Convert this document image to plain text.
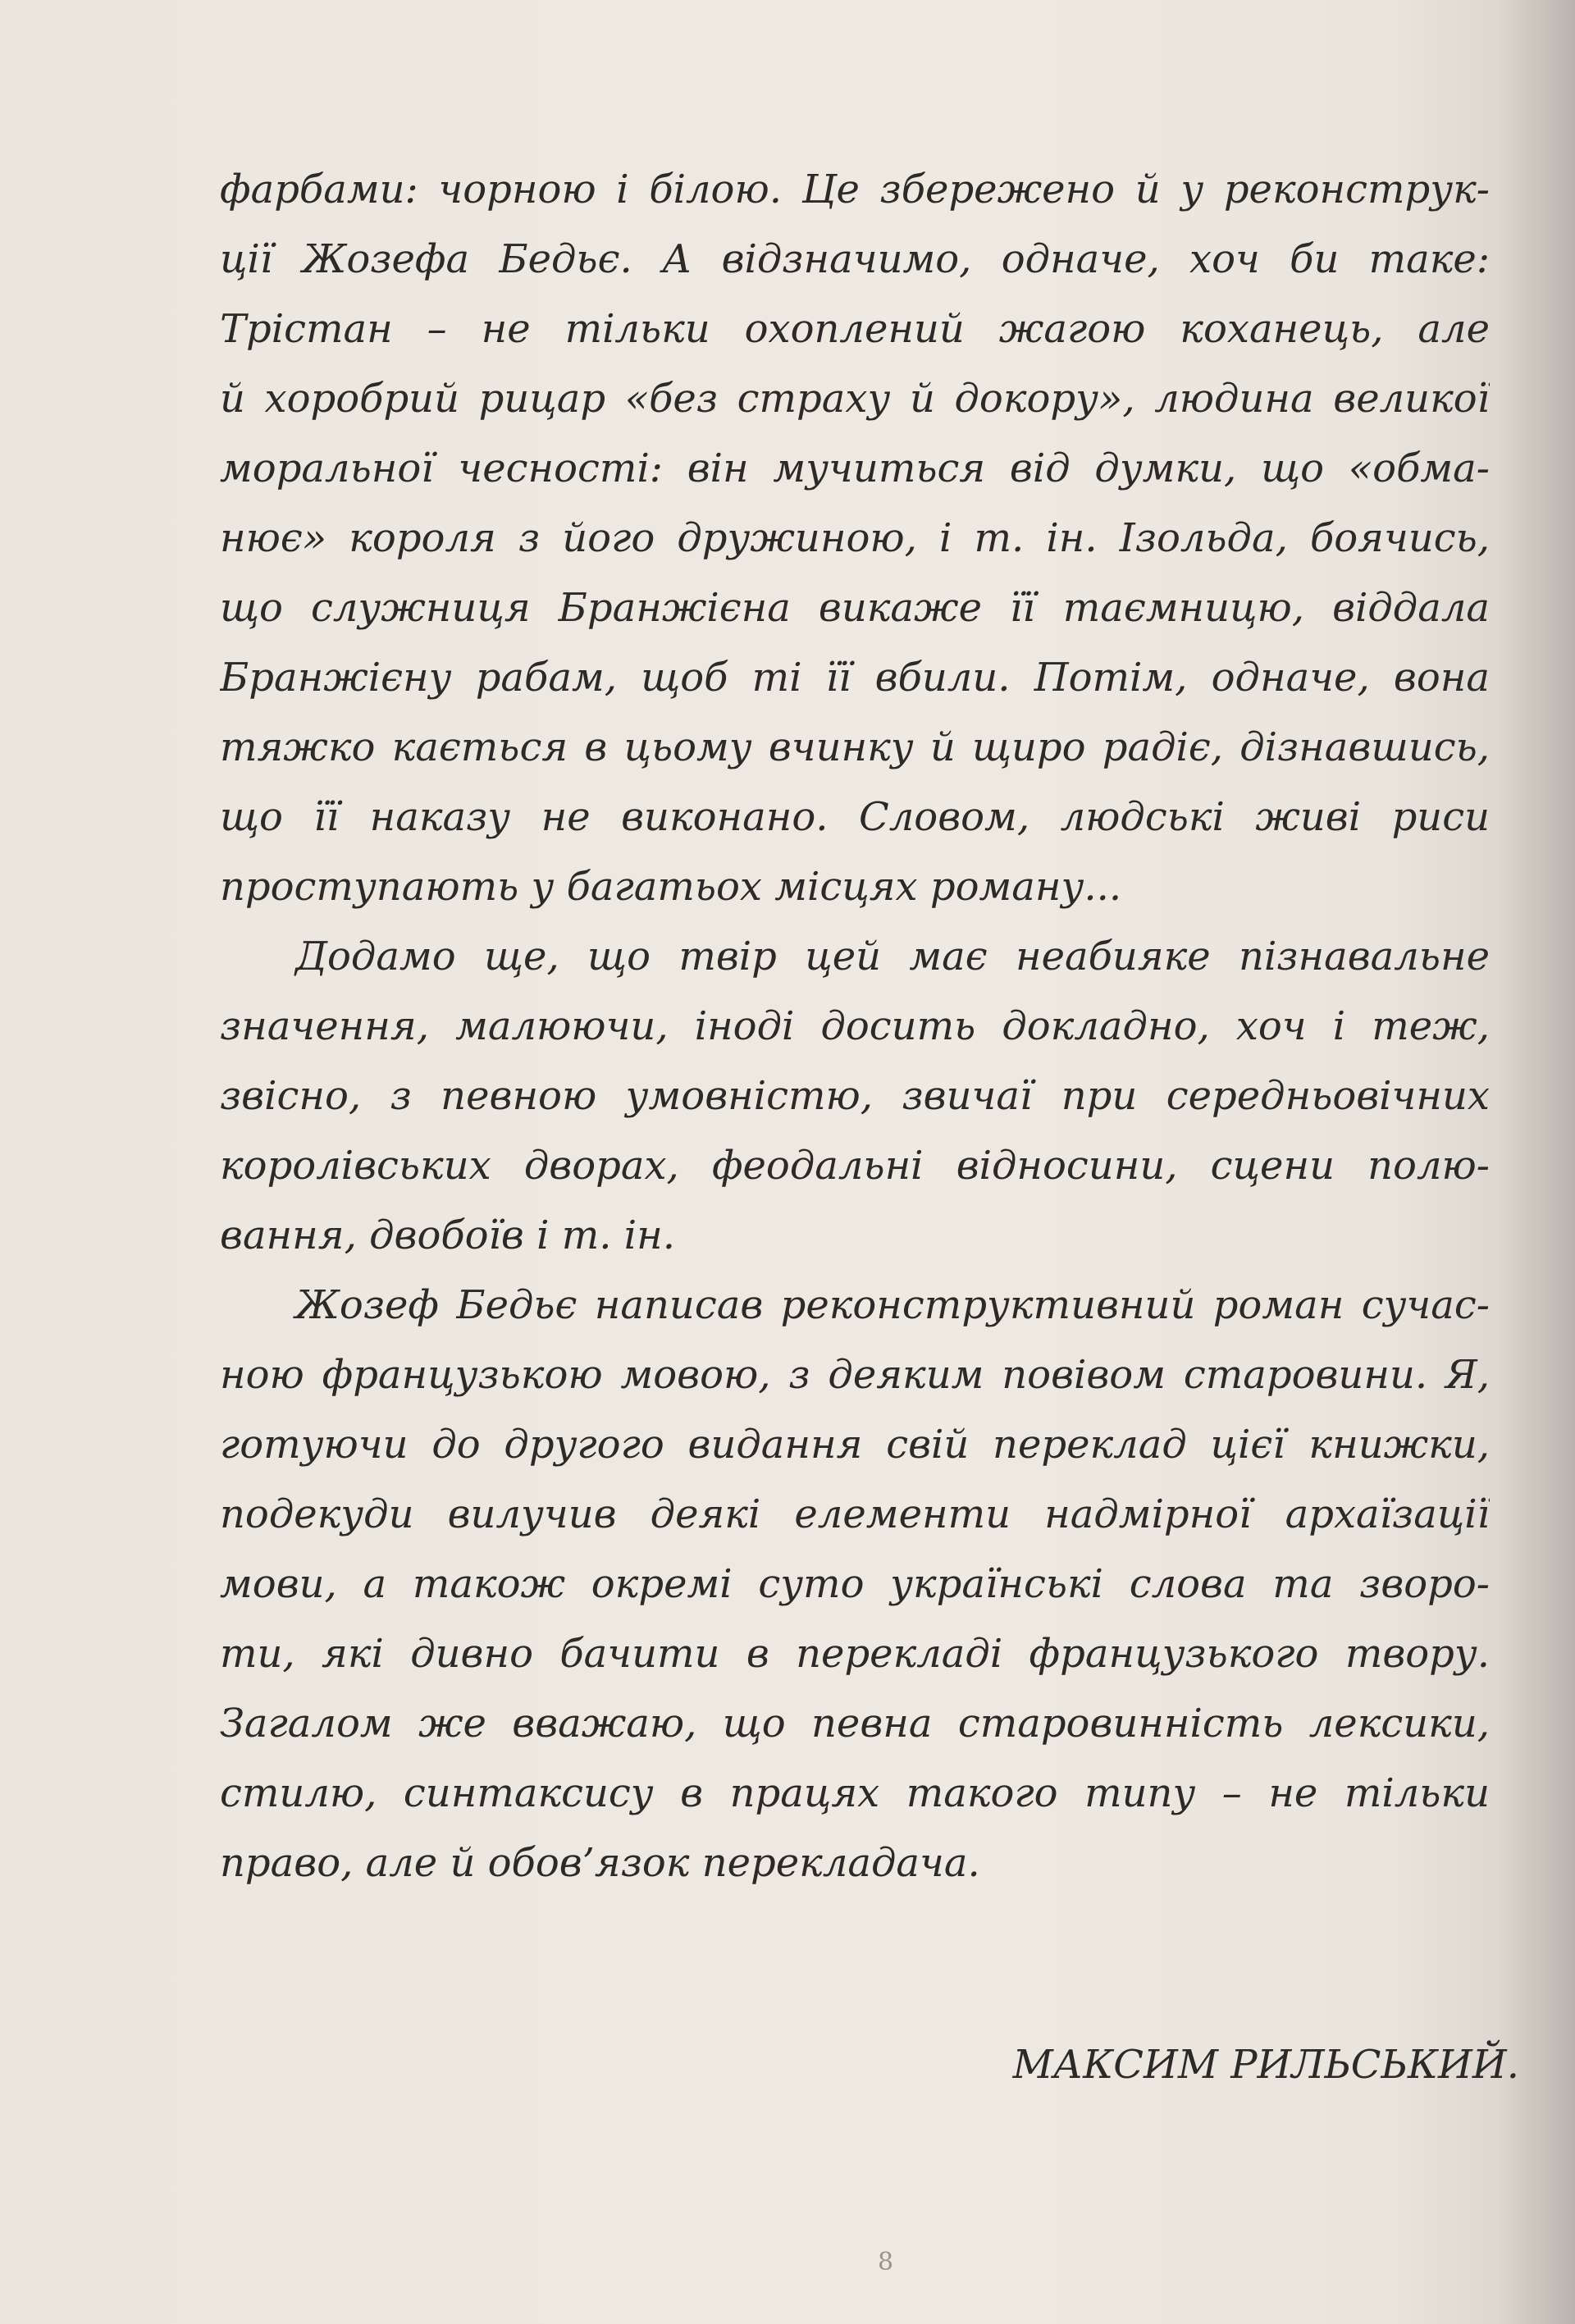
фарбами: чорною і білою. Це збережено й у реконструк-
ції Жозефа Бедьє. А відзначимо, одначе, хоч би таке:
Трістан – не тільки охоплений жагою коханець, але
й хоробрий рицар «без страху й докору», людина великої
моральної чесності: він мучиться від думки, що «обма-
нює» короля з його дружиною, і т. ін. Ізольда, боячись,
що служниця Бранжієна викаже її таємницю, віддала
Бранжієну рабам, щоб ті її вбили. Потім, одначе, вона
тяжко кається в цьому вчинку й щиро радіє, дізнавшись,
що її наказу не виконано. Словом, людські живі риси
проступають у багатьох місцях роману...
Додамо ще, що твір цей має неабияке пізнавальне
значення, малюючи, іноді досить докладно, хоч і теж,
звісно, з певною умовністю, звичаї при середньовічних
королівських дворах, феодальні відносини, сцени полю-
вання, двобоїв і т. ін.
Жозеф Бедьє написав реконструктивний роман сучас-
ною французькою мовою, з деяким повівом старовини. Я,
готуючи до другого видання свій переклад цієї книжки,
подекуди вилучив деякі елементи надмірної архаїзації
мови, а також окремі суто українські слова та зворо-
ти, які дивно бачити в перекладі французького твору.
Загалом же вважаю, що певна старовинність лексики,
стилю, синтаксису в працях такого типу – не тільки
право, але й обов’язок перекладача.
МАКСИМ РИЛЬСЬКИЙ.
8
